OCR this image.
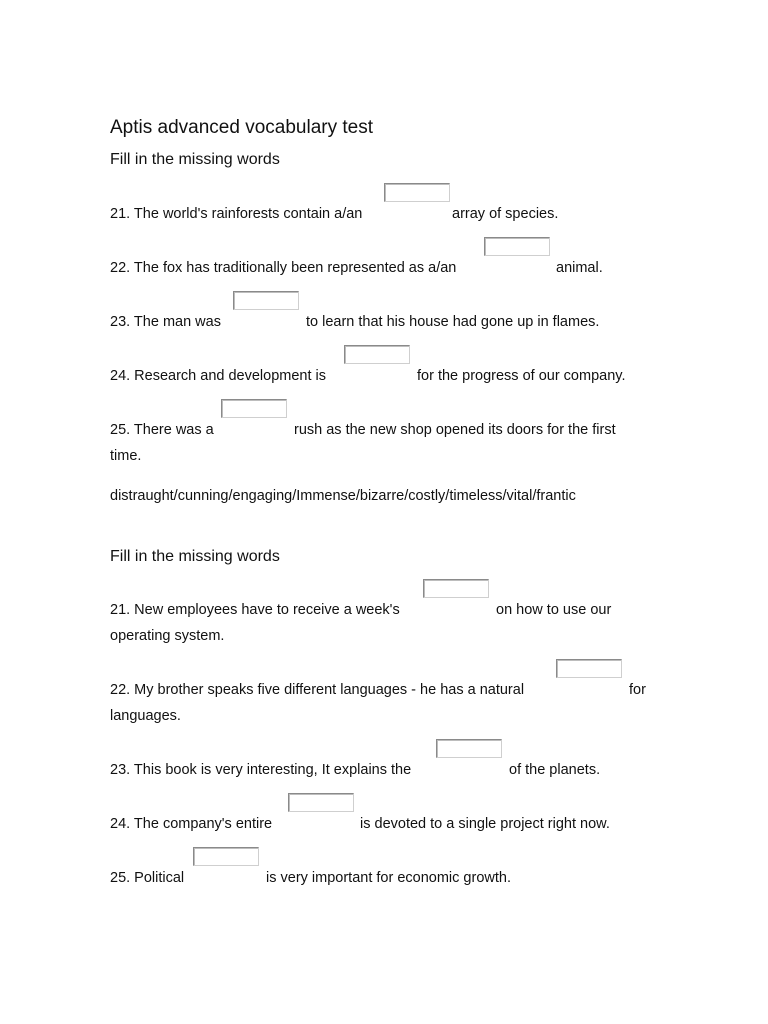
Aptis advanced vocabulary test
Fill in the missing words
21. The world's rainforests contain a/an	array of species.
22. The fox has traditionally been represented as a/an	animal.
23. The man was	to learn that his house had gone up in flames.
24. Research and development is	for the progress of our company.
25. There was a	rush as the new shop opened its doors for the first
time.
distraught/cunning/engaging/Immense/bizarre/costly/timeless/vital/frantic
Fill in the missing words
21. New employees have to receive a week's	on how to use our
operating system.
22. My brother speaks five different languages - he has a natural	for
languages.
23. This book is very interesting, It explains the	of the planets.
24. The company's entire	is devoted to a single project right now.
25. Political	is very important for economic growth.
